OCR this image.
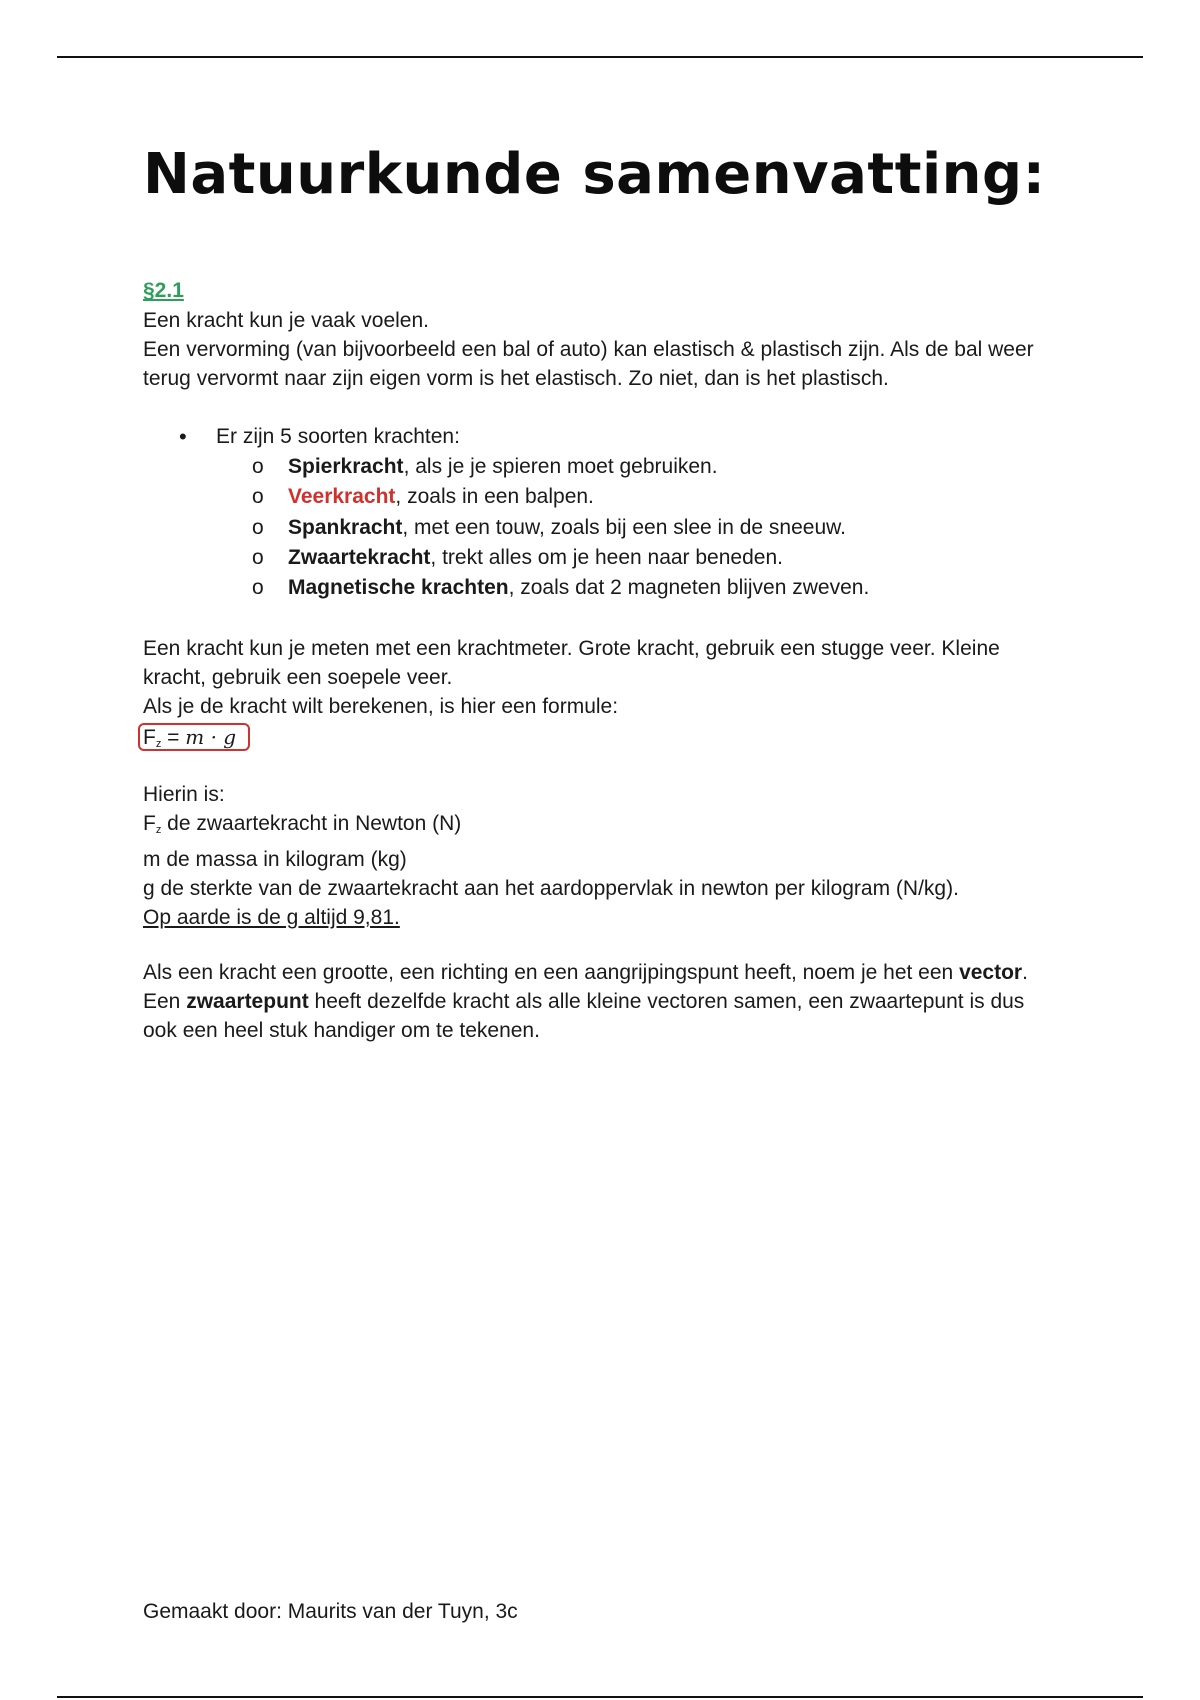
Natuurkunde samenvatting:
§2.1

Een kracht kun je vaak voelen.

Een vervorming (van bijvoorbeeld een bal of auto) kan elastisch & plastisch zijn. Als de bal weer terug vervormt naar zijn eigen vorm is het elastisch. Zo niet, dan is het plastisch.

• Er zijn 5 soorten krachten:
o Spierkracht, als je je spieren moet gebruiken.
o Veerkracht, zoals in een balpen.
o Spankracht, met een touw, zoals bij een slee in de sneeuw.
o Zwaartekracht, trekt alles om je heen naar beneden.
o Magnetische krachten, zoals dat 2 magneten blijven zweven.

Een kracht kun je meten met een krachtmeter. Grote kracht, gebruik een stugge veer. Kleine kracht, gebruik een soepele veer.

Als je de kracht wilt berekenen, is hier een formule:

Fz = m · g

Hierin is:

Fz de zwaartekracht in Newton (N)

m de massa in kilogram (kg)

g de sterkte van de zwaartekracht aan het aardoppervlak in newton per kilogram (N/kg).

Op aarde is de g altijd 9,81.

Als een kracht een grootte, een richting en een aangrijpingspunt heeft, noem je het een vector. Een zwaartepunt heeft dezelfde kracht als alle kleine vectoren samen, een zwaartepunt is dus ook een heel stuk handiger om te tekenen.

Gemaakt door: Maurits van der Tuyn, 3c
